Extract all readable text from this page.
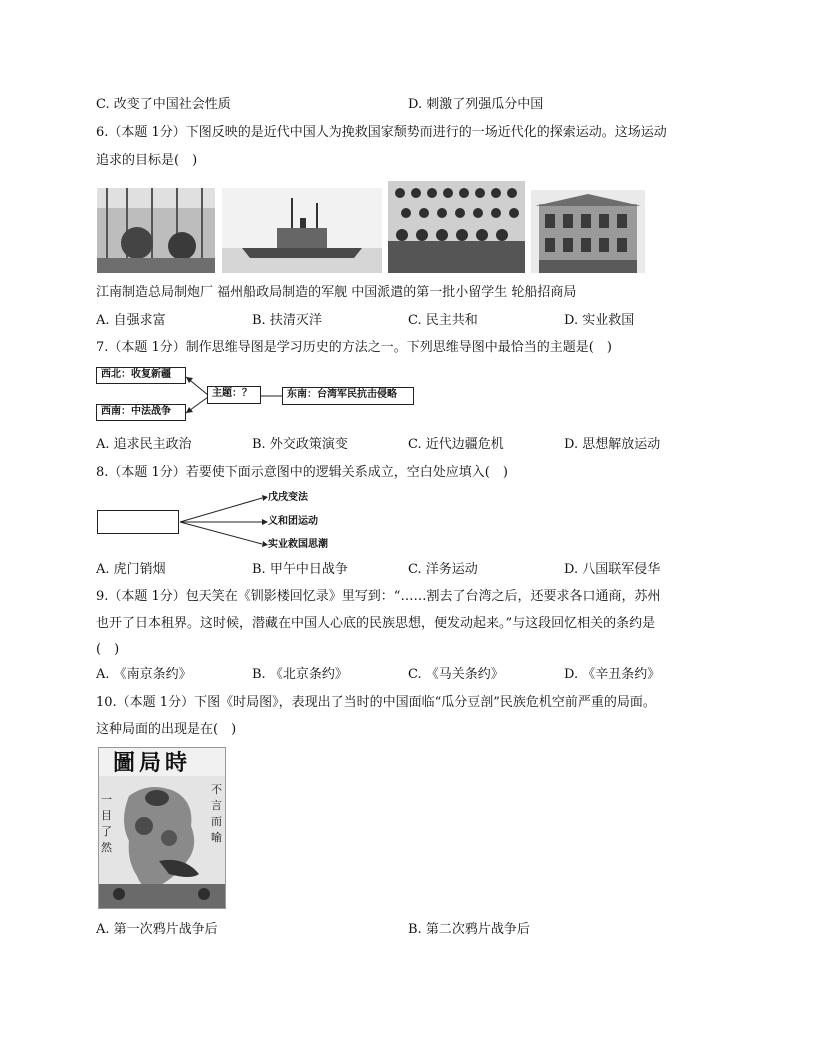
C. 改变了中国社会性质	D. 刺激了列强瓜分中国
6.（本题 1分）下图反映的是近代中国人为挽救国家颓势而进行的一场近代化的探索运动。这场运动
追求的目标是(　)
江南制造总局制炮厂 福州船政局制造的军舰 中国派遣的第一批小留学生 轮船招商局
A. 自强求富	B. 扶清灭洋	C. 民主共和	D. 实业救国
7.（本题 1分）制作思维导图是学习历史的方法之一。下列思维导图中最恰当的主题是(　)
西北：收复新疆
西南：中法战争
主题：？	东南：台湾军民抗击侵略
A. 追求民主政治	B. 外交政策演变	C. 近代边疆危机	D. 思想解放运动
8.（本题 1分）若要使下面示意图中的逻辑关系成立，空白处应填入(　)
戊戌变法
义和团运动
实业救国思潮
A. 虎门销烟	B. 甲午中日战争	C. 洋务运动	D. 八国联军侵华
9.（本题 1分）包天笑在《钏影楼回忆录》里写到：“……割去了台湾之后，还要求各口通商，苏州
也开了日本租界。这时候，潜藏在中国人心底的民族思想，便发动起来。”与这段回忆相关的条约是
(　)
A. 《南京条约》	B. 《北京条约》	C. 《马关条约》	D. 《辛丑条约》
10.（本题 1分）下图《时局图》，表现出了当时的中国面临“瓜分豆剖”民族危机空前严重的局面。
这种局面的出现是在(　)
圖局時
不言而喻
一目了然
A. 第一次鸦片战争后	B. 第二次鸦片战争后
